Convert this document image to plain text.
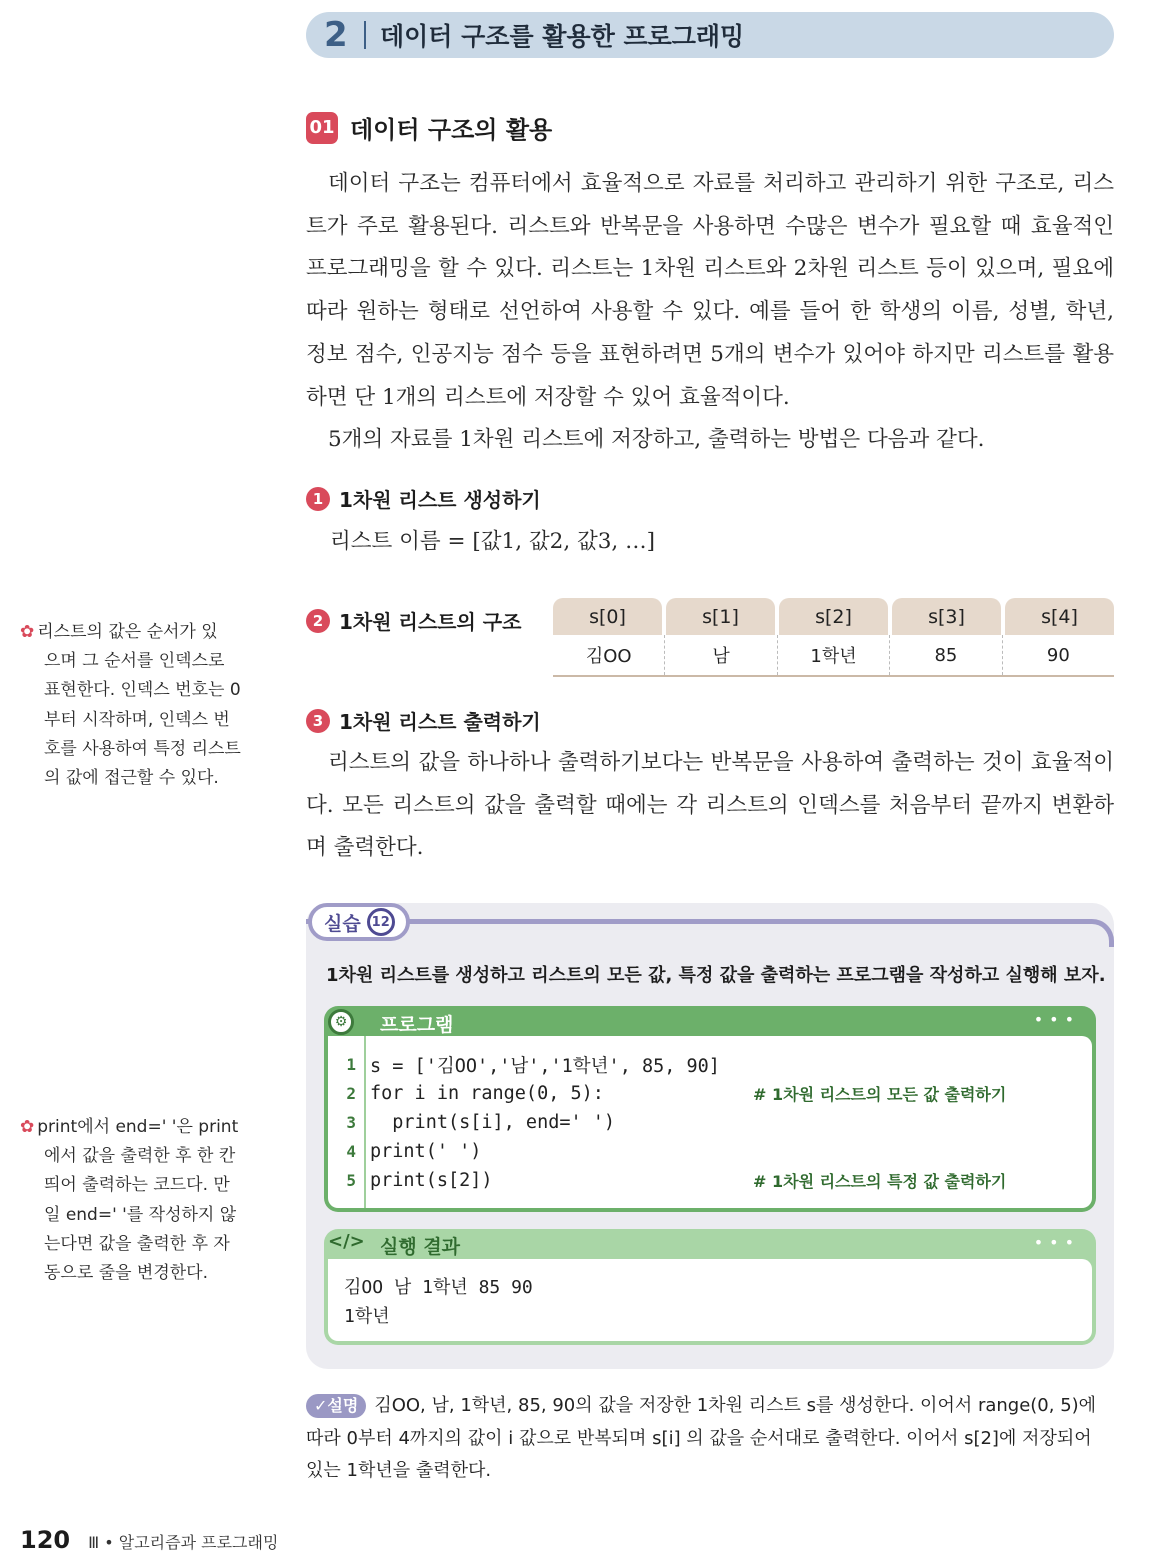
2	데이터 구조를 활용한 프로그래밍
01 데이터 구조의 활용

데이터 구조는 컴퓨터에서 효율적으로 자료를 처리하고 관리하기 위한 구조로, 리스트가 주로 활용된다. 리스트와 반복문을 사용하면 수많은 변수가 필요할 때 효율적인 프로그래밍을 할 수 있다. 리스트는 1차원 리스트와 2차원 리스트 등이 있으며, 필요에 따라 원하는 형태로 선언하여 사용할 수 있다. 예를 들어 한 학생의 이름, 성별, 학년, 정보 점수, 인공지능 점수 등을 표현하려면 5개의 변수가 있어야 하지만 리스트를 활용하면 단 1개의 리스트에 저장할 수 있어 효율적이다.

5개의 자료를 1차원 리스트에 저장하고, 출력하는 방법은 다음과 같다.

1 1차원 리스트 생성하기
리스트 이름 = [값1, 값2, 값3, …]
2 1차원 리스트의 구조	s[0]	s[1]	s[2]	s[3]	s[4]
김OO	남	1학년	85	90
3 1차원 리스트 출력하기

리스트의 값을 하나하나 출력하기보다는 반복문을 사용하여 출력하는 것이 효율적이다. 모든 리스트의 값을 출력할 때에는 각 리스트의 인덱스를 처음부터 끝까지 변환하며 출력한다.

✿ 리스트의 값은 순서가 있
으며 그 순서를 인덱스로 표현한다. 인덱스 번호는 0부터 시작하며, 인덱스 번호를 사용하여 특정 리스트의 값에 접근할 수 있다.
✿ print에서 end=' '은 print
에서 값을 출력한 후 한 칸 띄어 출력하는 코드다. 만일 end=' '를 작성하지 않는다면 값을 출력한 후 자동으로 줄을 변경한다.
실습 12
1차원 리스트를 생성하고 리스트의 모든 값, 특정 값을 출력하는 프로그램을 작성하고 실행해 보자.
⚙	프로그램	•••
1 s = ['김OO','남','1학년', 85, 90]
2 for i in range(0, 5):	# 1차원 리스트의 모든 값 출력하기
3 print(s[i], end=' ')
4 print(' ')
5 print(s[2])	# 1차원 리스트의 특정 값 출력하기
</> 실행 결과	•••
김OO 남 1학년 85 90
1학년
✓설명 김OO, 남, 1학년, 85, 90의 값을 저장한 1차원 리스트 s를 생성한다. 이어서 range(0, 5)에 따라 0부터 4까지의 값이 i 값으로 반복되며 s[i] 의 값을 순서대로 출력한다. 이어서 s[2]에 저장되어 있는 1학년을 출력한다.
120 Ⅲ • 알고리즘과 프로그래밍
